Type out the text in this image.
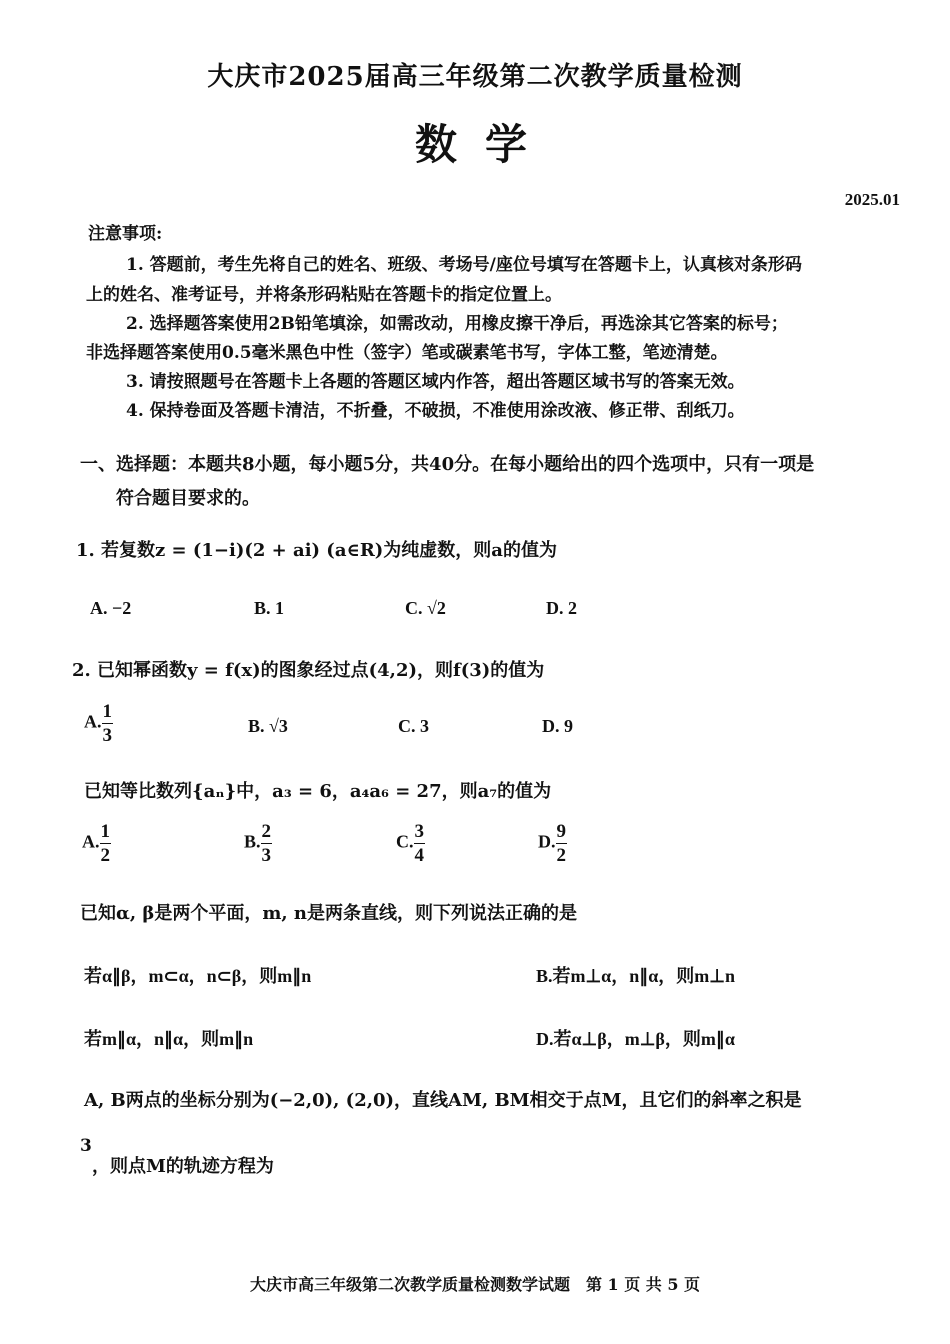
大庆市2025届高三年级第二次教学质量检测
数学
2025.01
注意事项:
1. 答题前，考生先将自己的姓名、班级、考场号/座位号填写在答题卡上，认真核对条形码
上的姓名、准考证号，并将条形码粘贴在答题卡的指定位置上。
2. 选择题答案使用2B铅笔填涂，如需改动，用橡皮擦干净后，再选涂其它答案的标号；
非选择题答案使用0.5毫米黑色中性（签字）笔或碳素笔书写，字体工整，笔迹清楚。
3. 请按照题号在答题卡上各题的答题区域内作答，超出答题区域书写的答案无效。
4. 保持卷面及答题卡清洁，不折叠，不破损，不准使用涂改液、修正带、刮纸刀。
一、选择题：本题共8小题，每小题5分，共40分。在每小题给出的四个选项中，只有一项是
符合题目要求的。
1. 若复数z = (1−i)(2 + ai) (a∈R)为纯虚数，则a的值为
A. −2	B. 1	C. √2	D. 2
2. 已知幂函数y = f(x)的图象经过点(4,2)，则f(3)的值为
A. $\frac{1}{3}$	B. √3	C. 3	D. 9
已知等比数列{aₙ}中，a₃ = 6，a₄a₆ = 27，则a₇的值为
A. $\frac{1}{2}$	B. $\frac{2}{3}$	C. $\frac{3}{4}$	D. $\frac{9}{2}$
已知α, β是两个平面，m, n是两条直线，则下列说法正确的是
若α∥β，m⊂α，n⊂β，则m∥n	B.若m⊥α，n∥α，则m⊥n
若m∥α，n∥α，则m∥n	D.若α⊥β，m⊥β，则m∥α
A, B两点的坐标分别为(−2,0), (2,0)，直线AM, BM相交于点M，且它们的斜率之积是
3
，则点M的轨迹方程为
大庆市高三年级第二次教学质量检测数学试题　第 1 页 共 5 页
